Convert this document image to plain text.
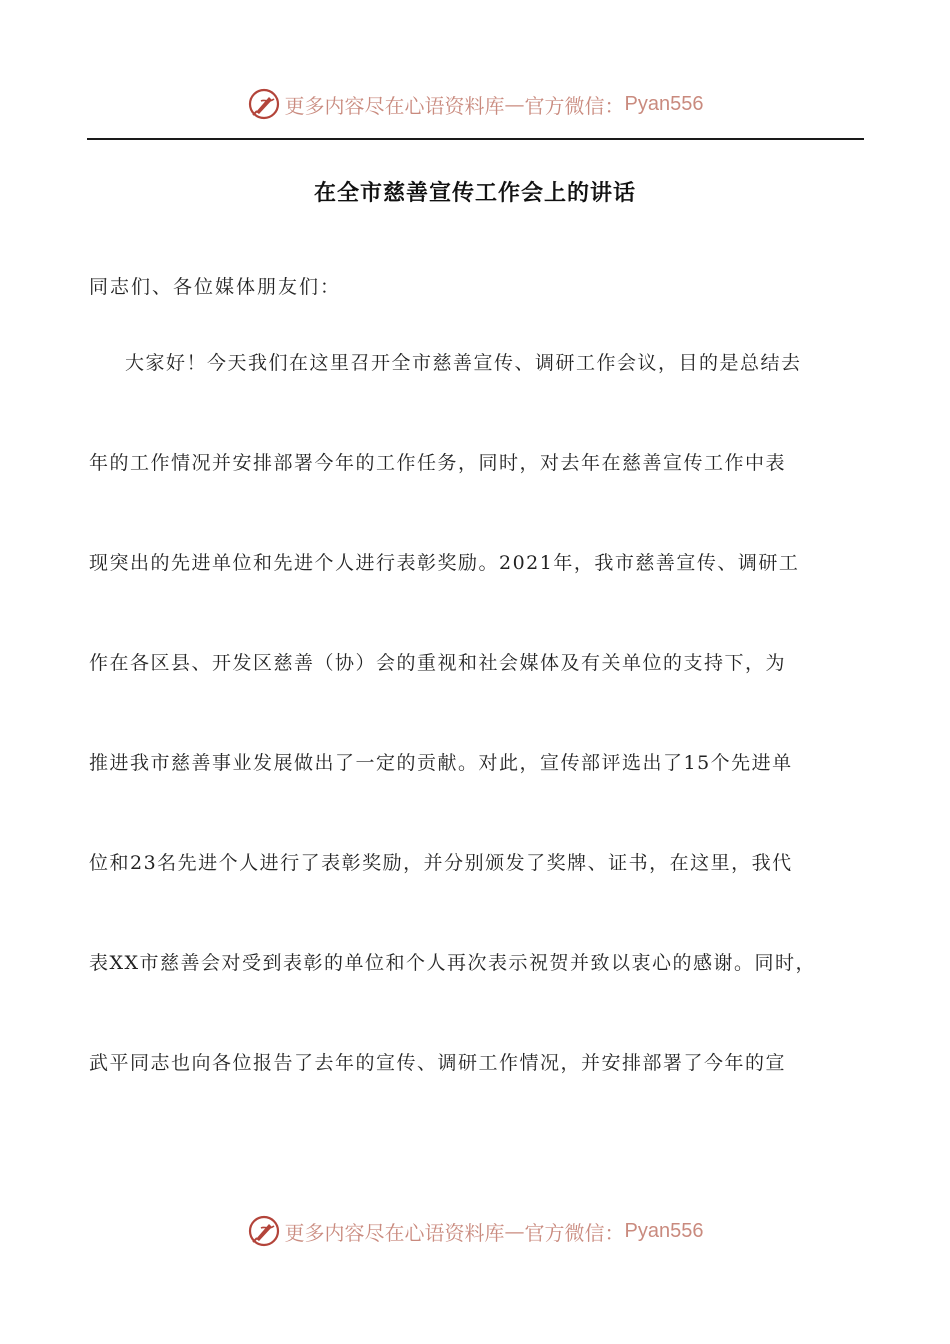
更多内容尽在心语资料库 — 官方微信： Pyan556
在全市慈善宣传工作会上的讲话
同志们、各位媒体朋友们：
大家好！今天我们在这里召开全市慈善宣传、调研工作会议，目的是总结去
年的工作情况并安排部署今年的工作任务，同时，对去年在慈善宣传工作中表
现突出的先进单位和先进个人进行表彰奖励。2021年，我市慈善宣传、调研工
作在各区县、开发区慈善（协）会的重视和社会媒体及有关单位的支持下，为
推进我市慈善事业发展做出了一定的贡献。对此，宣传部评选出了15个先进单
位和23名先进个人进行了表彰奖励，并分别颁发了奖牌、证书，在这里，我代
表XX市慈善会对受到表彰的单位和个人再次表示祝贺并致以衷心的感谢。同时，
武平同志也向各位报告了去年的宣传、调研工作情况，并安排部署了今年的宣
更多内容尽在心语资料库 — 官方微信： Pyan556
